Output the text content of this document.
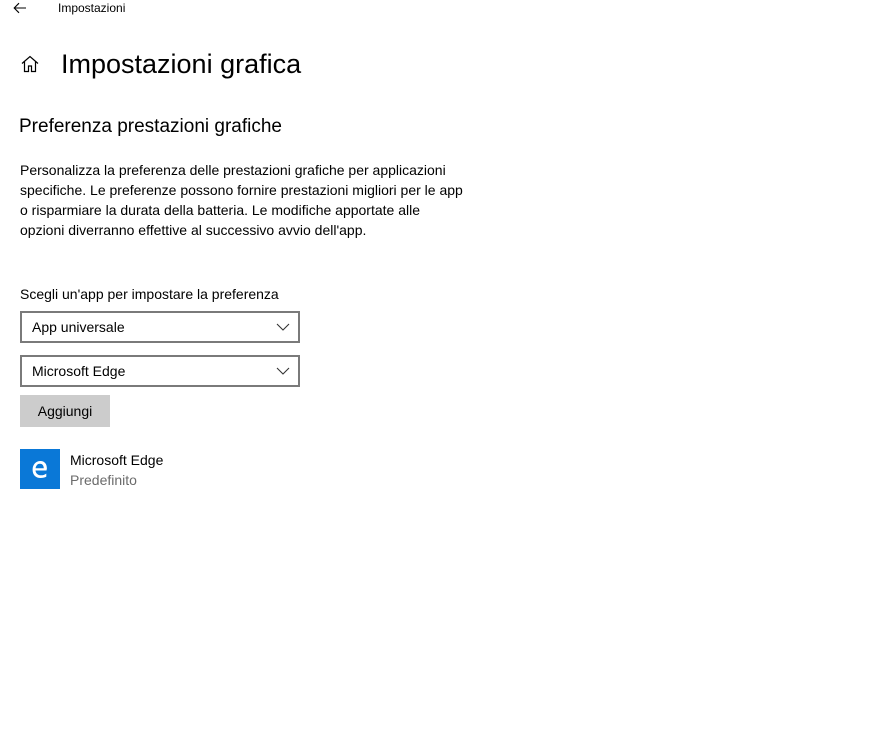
Impostazioni
Impostazioni grafica
Preferenza prestazioni grafiche

Personalizza la preferenza delle prestazioni grafiche per applicazioni specifiche. Le preferenze possono fornire prestazioni migliori per le app o risparmiare la durata della batteria. Le modifiche apportate alle opzioni diverranno effettive al successivo avvio dell'app.

Scegli un'app per impostare la preferenza
App universale
Microsoft Edge
Aggiungi
Microsoft Edge
Predefinito
